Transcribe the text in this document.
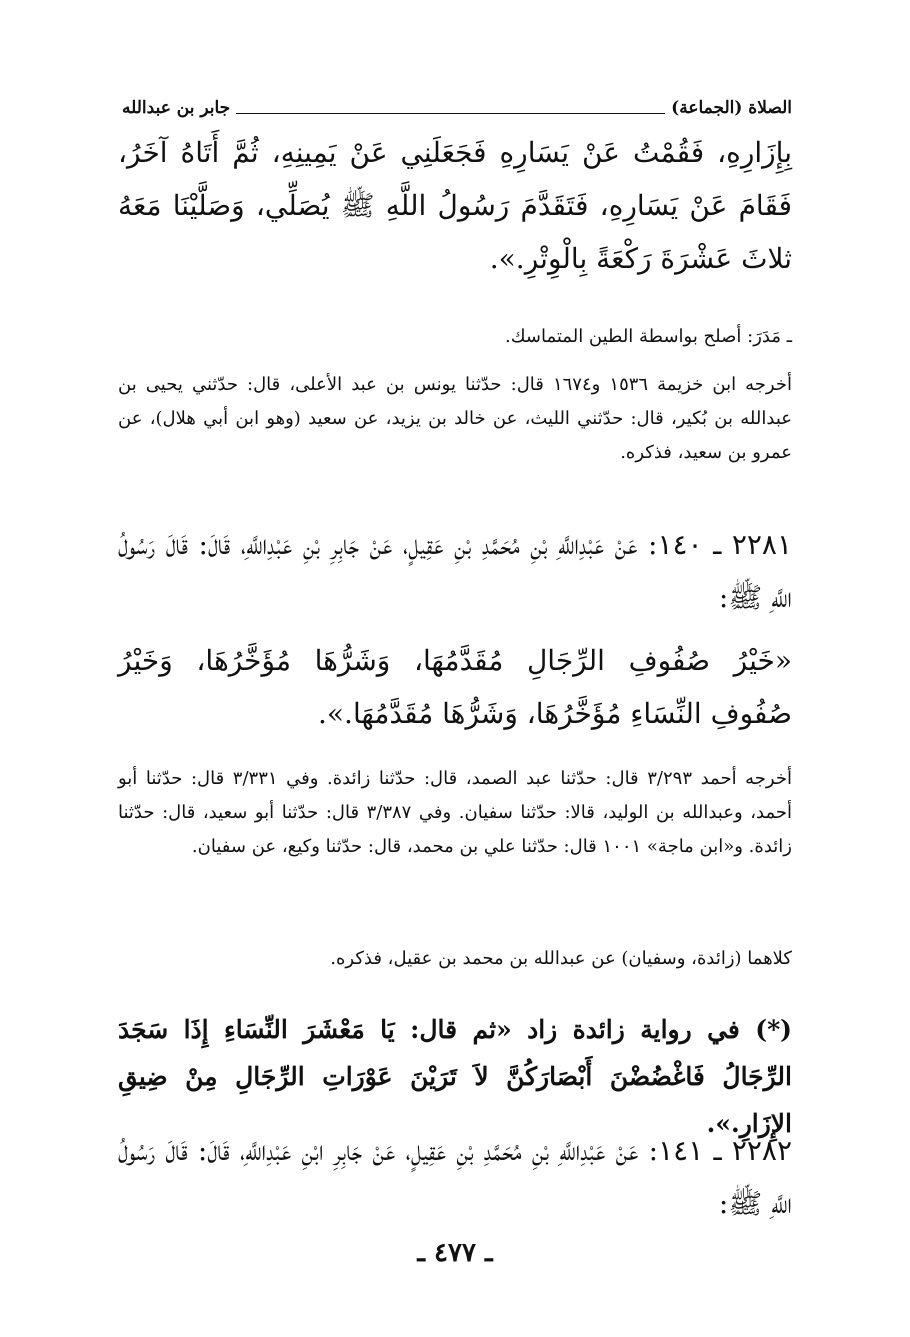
الصلاة (الجماعة)
جابر بن عبدالله
بِإِزَارِهِ، فَقُمْتُ عَنْ يَسَارِهِ فَجَعَلَنِي عَنْ يَمِينِهِ، ثُمَّ أَتَاهُ آخَرُ، فَقَامَ عَنْ يَسَارِهِ، فَتَقَدَّمَ رَسُولُ اللَّهِ ﷺ يُصَلِّي، وَصَلَّيْنَا مَعَهُ ثلاثَ عَشْرَةَ رَكْعَةً بِالْوِتْرِ.».
ـ مَدَرَ: أصلح بواسطة الطين المتماسك.
أخرجه ابن خزيمة ١٥٣٦ و١٦٧٤ قال: حدّثنا يونس بن عبد الأعلى، قال: حدّثني يحيى بن عبدالله بن بُكير، قال: حدّثني الليث، عن خالد بن يزيد، عن سعيد (وهو ابن أبي هلال)، عن عمرو بن سعيد، فذكره.
٢٢٨١ ـ ١٤٠: عَنْ عَبْدِاللَّهِ بْنِ مُحَمَّدِ بْنِ عَقِيلٍ، عَنْ جَابِرِ بْنِ عَبْدِاللَّهِ، قَالَ: قَالَ رَسُولُ اللَّهِ ﷺ:
«خَيْرُ صُفُوفِ الرِّجَالِ مُقَدَّمُهَا، وَشَرُّهَا مُؤَخَّرُهَا، وَخَيْرُ صُفُوفِ النِّسَاءِ مُؤَخَّرُهَا، وَشَرُّهَا مُقَدَّمُهَا.».
أخرجه أحمد ٣/٢٩٣ قال: حدّثنا عبد الصمد، قال: حدّثنا زائدة. وفي ٣/٣٣١ قال: حدّثنا أبو أحمد، وعبدالله بن الوليد، قالا: حدّثنا سفيان. وفي ٣/٣٨٧ قال: حدّثنا أبو سعيد، قال: حدّثنا زائدة. و«ابن ماجة» ١٠٠١ قال: حدّثنا علي بن محمد، قال: حدّثنا وكيع، عن سفيان.
كلاهما (زائدة، وسفيان) عن عبدالله بن محمد بن عقيل، فذكره.
(*) في رواية زائدة زاد «ثم قال: يَا مَعْشَرَ النِّسَاءِ إِذَا سَجَدَ الرِّجَالُ فَاغْضُضْنَ أَبْصَارَكُنَّ لاَ تَرَيْنَ عَوْرَاتِ الرِّجَالِ مِنْ ضِيقِ الإِزَارِ.».
٢٢٨٢ ـ ١٤١: عَنْ عَبْدِاللَّهِ بْنِ مُحَمَّدِ بْنِ عَقِيلٍ، عَنْ جَابِرِ ابْنِ عَبْدِاللَّهِ، قَالَ: قَالَ رَسُولُ اللَّهِ ﷺ:
ـ ٤٧٧ ـ
